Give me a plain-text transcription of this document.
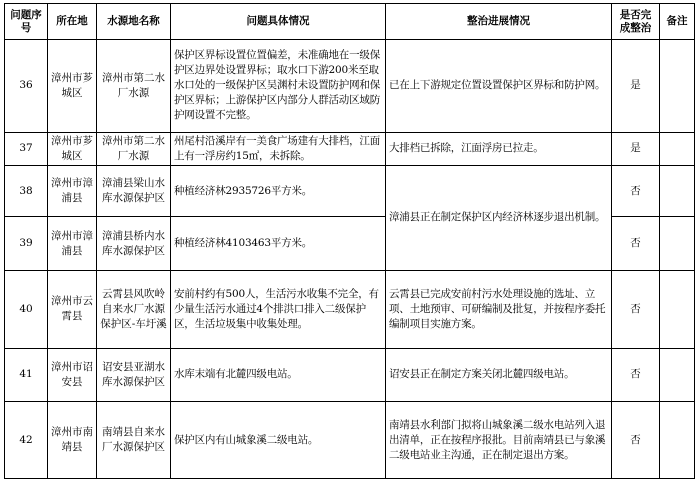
问题序号	所在地	水源地名称	问题具体情况	整治进展情况	是否完成整治	备注
36	漳州市芗城区	漳州市第二水厂水源	保护区界标设置位置偏差，未准确地在一级保护区边界处设置界标；取水口下游200米至取水口处的一级保护区吴渊村未设置防护网和保护区界标；上游保护区内部分人群活动区域防护网设置不完整。	已在上下游规定位置设置保护区界标和防护网。	是	
37	漳州市芗城区	漳州市第二水厂水源	州尾村沿溪岸有一美食广场建有大排档，江面上有一浮房约15㎡，未拆除。	大排档已拆除，江面浮房已拉走。	是	
38	漳州市漳浦县	漳浦县梁山水库水源保护区	种植经济林2935726平方米。	漳浦县正在制定保护区内经济林逐步退出机制。	否	
39	漳州市漳浦县	漳浦县桥内水库水源保护区	种植经济林4103463平方米。		否	
40	漳州市云霄县	云霄县风吹岭自来水厂水源保护区-车圩溪	安前村约有500人，生活污水收集不完全，有少量生活污水通过4个排洪口排入二级保护区，生活垃圾集中收集处理。	云霄县已完成安前村污水处理设施的选址、立项、土地预审、可研编制及批复，并按程序委托编制项目实施方案。	否	
41	漳州市诏安县	诏安县亚湖水库水源保护区	水库末端有北麓四级电站。	诏安县正在制定方案关闭北麓四级电站。	否	
42	漳州市南靖县	南靖县自来水厂水源保护区	保护区内有山城象溪二级电站。	南靖县水利部门拟将山城象溪二级水电站列入退出清单，正在按程序报批。目前南靖县已与象溪二级电站业主沟通，正在制定退出方案。	否	
